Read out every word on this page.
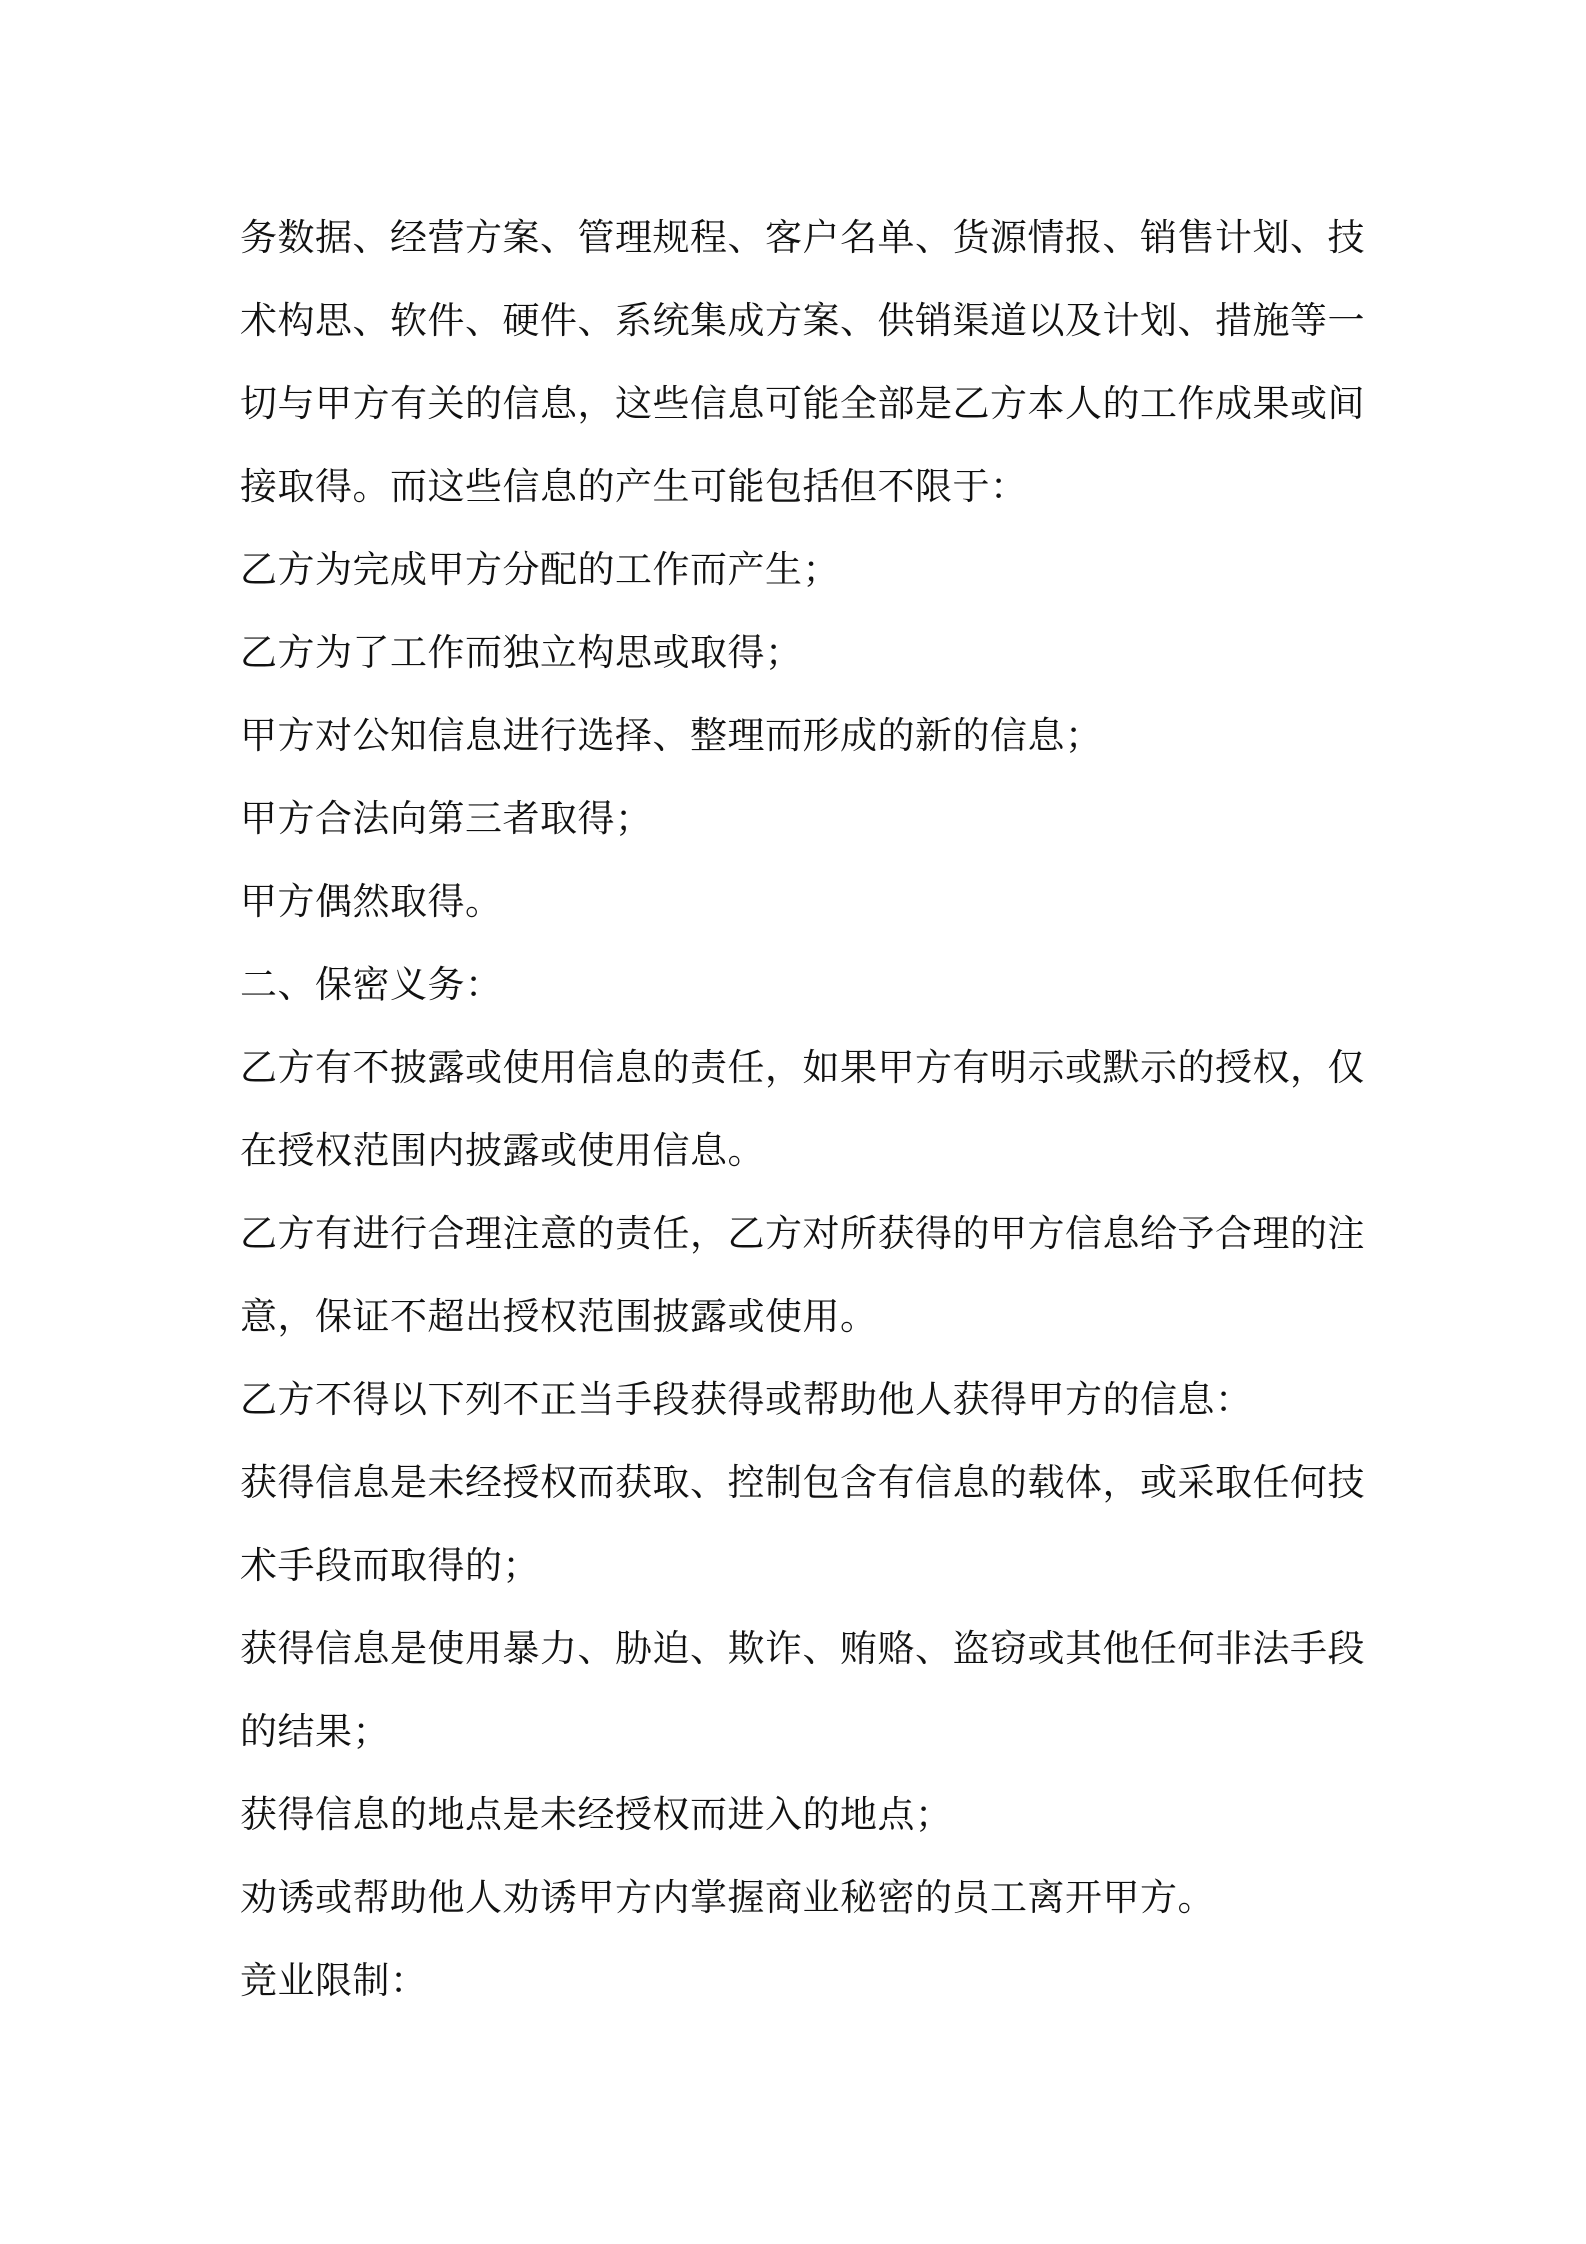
务数据、经营方案、管理规程、客户名单、货源情报、销售计划、技

术构思、软件、硬件、系统集成方案、供销渠道以及计划、措施等一

切与甲方有关的信息，这些信息可能全部是乙方本人的工作成果或间

接取得。而这些信息的产生可能包括但不限于：

乙方为完成甲方分配的工作而产生；

乙方为了工作而独立构思或取得；

甲方对公知信息进行选择、整理而形成的新的信息；

甲方合法向第三者取得；

甲方偶然取得。

二、保密义务：

乙方有不披露或使用信息的责任，如果甲方有明示或默示的授权，仅

在授权范围内披露或使用信息。

乙方有进行合理注意的责任，乙方对所获得的甲方信息给予合理的注

意，保证不超出授权范围披露或使用。

乙方不得以下列不正当手段获得或帮助他人获得甲方的信息：

获得信息是未经授权而获取、控制包含有信息的载体，或采取任何技

术手段而取得的；

获得信息是使用暴力、胁迫、欺诈、贿赂、盗窃或其他任何非法手段

的结果；

获得信息的地点是未经授权而进入的地点；

劝诱或帮助他人劝诱甲方内掌握商业秘密的员工离开甲方。

竞业限制：
